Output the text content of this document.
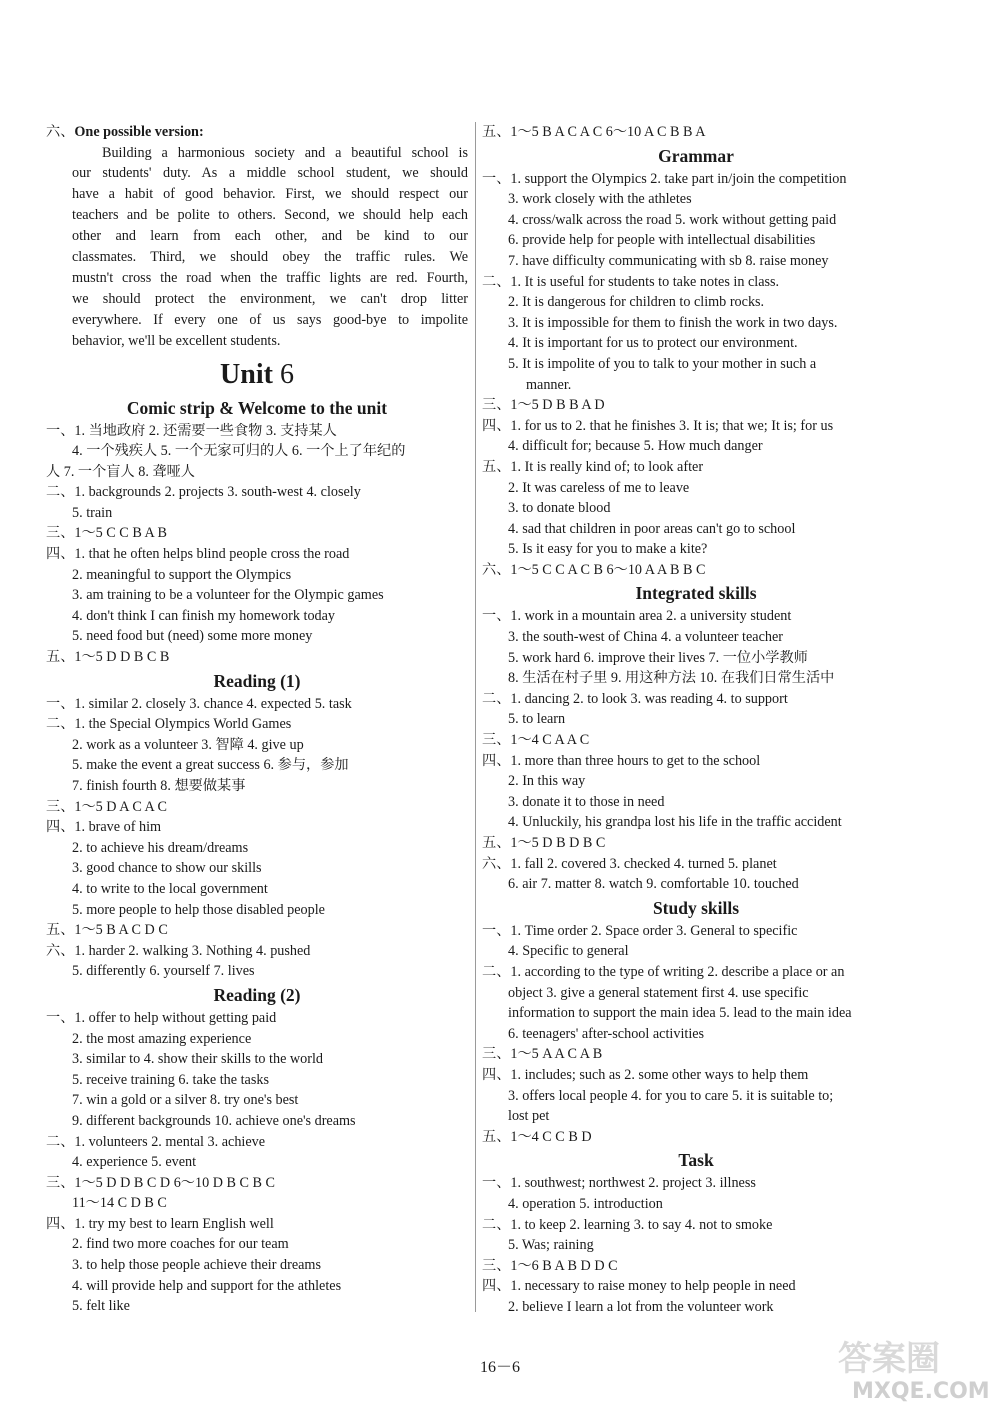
六、One possible version:
Building a harmonious society and a beautiful school is
our students' duty. As a middle school student, we should
have a habit of good behavior. First, we should respect our
teachers and be polite to others. Second, we should help each
other and learn from each other, and be kind to our
classmates. Third, we should obey the traffic rules. We
mustn't cross the road when the traffic lights are red. Fourth,
we should protect the environment, we can't drop litter
everywhere. If every one of us says good-bye to impolite
behavior, we'll be excellent students.
Unit 6
Comic strip & Welcome to the unit
一、1. 当地政府 2. 还需要一些食物 3. 支持某人
4. 一个残疾人 5. 一个无家可归的人 6. 一个上了年纪的
人 7. 一个盲人 8. 聋哑人
二、1. backgrounds 2. projects 3. south-west 4. closely
5. train
三、1～5 C C B A B
四、1. that he often helps blind people cross the road
2. meaningful to support the Olympics
3. am training to be a volunteer for the Olympic games
4. don't think I can finish my homework today
5. need food but (need) some more money
五、1～5 D D B C B
Reading (1)
一、1. similar 2. closely 3. chance 4. expected 5. task
二、1. the Special Olympics World Games
2. work as a volunteer 3. 智障 4. give up
5. make the event a great success 6. 参与，参加
7. finish fourth 8. 想要做某事
三、1～5 D A C A C
四、1. brave of him
2. to achieve his dream/dreams
3. good chance to show our skills
4. to write to the local government
5. more people to help those disabled people
五、1～5 B A C D C
六、1. harder 2. walking 3. Nothing 4. pushed
5. differently 6. yourself 7. lives
Reading (2)
一、1. offer to help without getting paid
2. the most amazing experience
3. similar to 4. show their skills to the world
5. receive training 6. take the tasks
7. win a gold or a silver 8. try one's best
9. different backgrounds 10. achieve one's dreams
二、1. volunteers 2. mental 3. achieve
4. experience 5. event
三、1～5 D D B C D 6～10 D B C B C
11～14 C D B C
四、1. try my best to learn English well
2. find two more coaches for our team
3. to help those people achieve their dreams
4. will provide help and support for the athletes
5. felt like
五、1～5 B A C A C 6～10 A C B B A
Grammar
一、1. support the Olympics 2. take part in/join the competition
3. work closely with the athletes
4. cross/walk across the road 5. work without getting paid
6. provide help for people with intellectual disabilities
7. have difficulty communicating with sb 8. raise money
二、1. It is useful for students to take notes in class.
2. It is dangerous for children to climb rocks.
3. It is impossible for them to finish the work in two days.
4. It is important for us to protect our environment.
5. It is impolite of you to talk to your mother in such a
manner.
三、1～5 D B B A D
四、1. for us to 2. that he finishes 3. It is; that we; It is; for us
4. difficult for; because 5. How much danger
五、1. It is really kind of; to look after
2. It was careless of me to leave
3. to donate blood
4. sad that children in poor areas can't go to school
5. Is it easy for you to make a kite?
六、1～5 C C A C B 6～10 A A B B C
Integrated skills
一、1. work in a mountain area 2. a university student
3. the south-west of China 4. a volunteer teacher
5. work hard 6. improve their lives 7. 一位小学教师
8. 生活在村子里 9. 用这种方法 10. 在我们日常生活中
二、1. dancing 2. to look 3. was reading 4. to support
5. to learn
三、1～4 C A A C
四、1. more than three hours to get to the school
2. In this way
3. donate it to those in need
4. Unluckily, his grandpa lost his life in the traffic accident
五、1～5 D B D B C
六、1. fall 2. covered 3. checked 4. turned 5. planet
6. air 7. matter 8. watch 9. comfortable 10. touched
Study skills
一、1. Time order 2. Space order 3. General to specific
4. Specific to general
二、1. according to the type of writing 2. describe a place or an
object 3. give a general statement first 4. use specific
information to support the main idea 5. lead to the main idea
6. teenagers' after-school activities
三、1～5 A A C A B
四、1. includes; such as 2. some other ways to help them
3. offers local people 4. for you to care 5. it is suitable to;
lost pet
五、1～4 C C B D
Task
一、1. southwest; northwest 2. project 3. illness
4. operation 5. introduction
二、1. to keep 2. learning 3. to say 4. not to smoke
5. Was; raining
三、1～6 B A B D D C
四、1. necessary to raise money to help people in need
2. believe I learn a lot from the volunteer work
16－6	答案圈
MXQE.COM
